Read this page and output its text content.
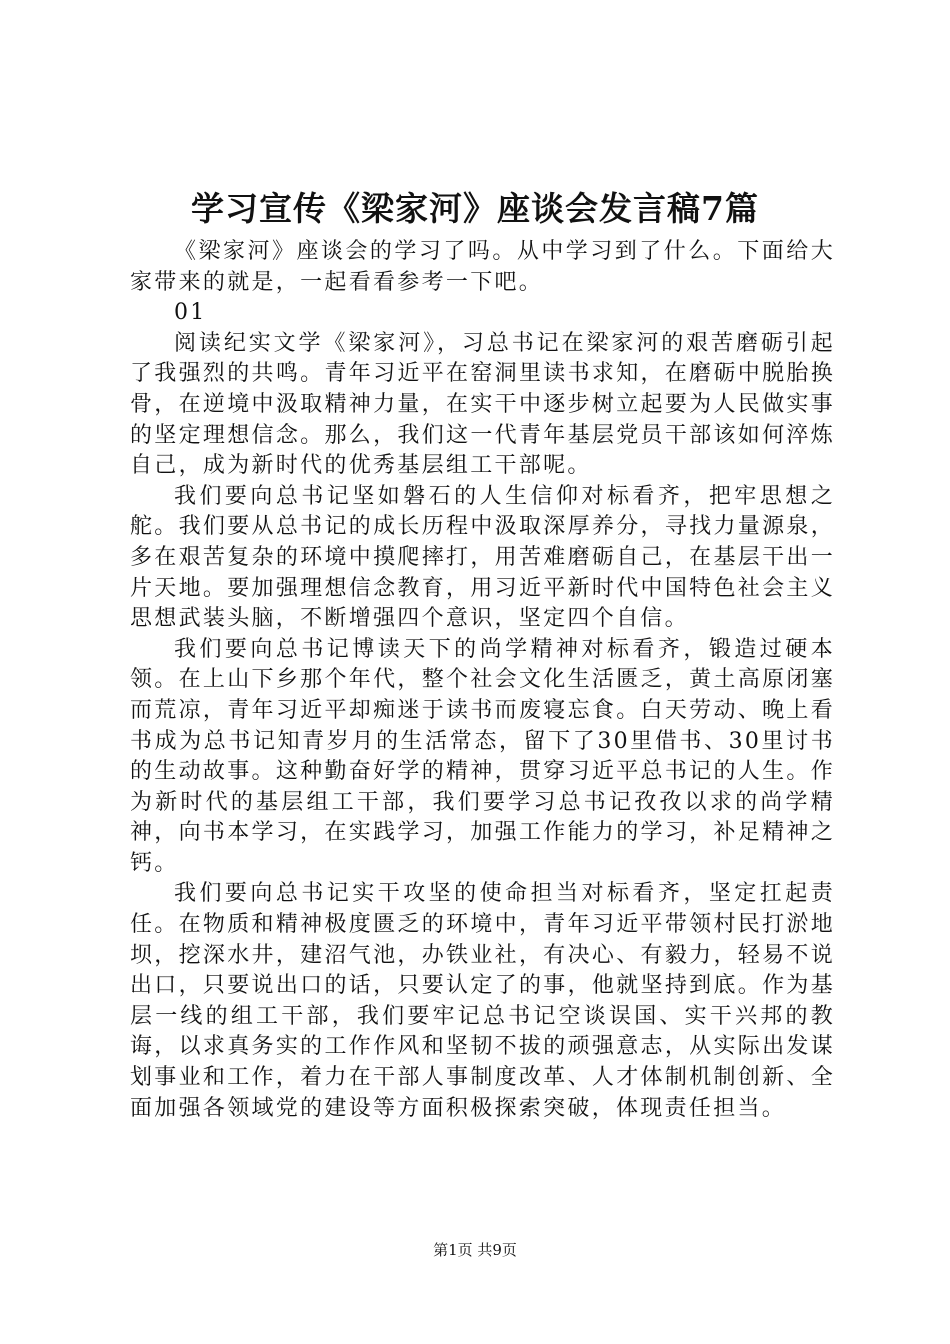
学习宣传《梁家河》座谈会发言稿7篇

《梁家河》座谈会的学习了吗。从中学习到了什么。下面给大家带来的就是，一起看看参考一下吧。

01

阅读纪实文学《梁家河》，习总书记在梁家河的艰苦磨砺引起了我强烈的共鸣。青年习近平在窑洞里读书求知，在磨砺中脱胎换骨，在逆境中汲取精神力量，在实干中逐步树立起要为人民做实事的坚定理想信念。那么，我们这一代青年基层党员干部该如何淬炼自己，成为新时代的优秀基层组工干部呢。

我们要向总书记坚如磐石的人生信仰对标看齐，把牢思想之舵。我们要从总书记的成长历程中汲取深厚养分，寻找力量源泉，多在艰苦复杂的环境中摸爬摔打，用苦难磨砺自己，在基层干出一片天地。要加强理想信念教育，用习近平新时代中国特色社会主义思想武装头脑，不断增强四个意识，坚定四个自信。

我们要向总书记博读天下的尚学精神对标看齐，锻造过硬本领。在上山下乡那个年代，整个社会文化生活匮乏，黄土高原闭塞而荒凉，青年习近平却痴迷于读书而废寝忘食。白天劳动、晚上看书成为总书记知青岁月的生活常态，留下了30里借书、30里讨书的生动故事。这种勤奋好学的精神，贯穿习近平总书记的人生。作为新时代的基层组工干部，我们要学习总书记孜孜以求的尚学精神，向书本学习，在实践学习，加强工作能力的学习，补足精神之钙。

我们要向总书记实干攻坚的使命担当对标看齐，坚定扛起责任。在物质和精神极度匮乏的环境中，青年习近平带领村民打淤地坝，挖深水井，建沼气池，办铁业社，有决心、有毅力，轻易不说出口，只要说出口的话，只要认定了的事，他就坚持到底。作为基层一线的组工干部，我们要牢记总书记空谈误国、实干兴邦的教诲，以求真务实的工作作风和坚韧不拔的顽强意志，从实际出发谋划事业和工作，着力在干部人事制度改革、人才体制机制创新、全面加强各领域党的建设等方面积极探索突破，体现责任担当。

第1页 共9页
